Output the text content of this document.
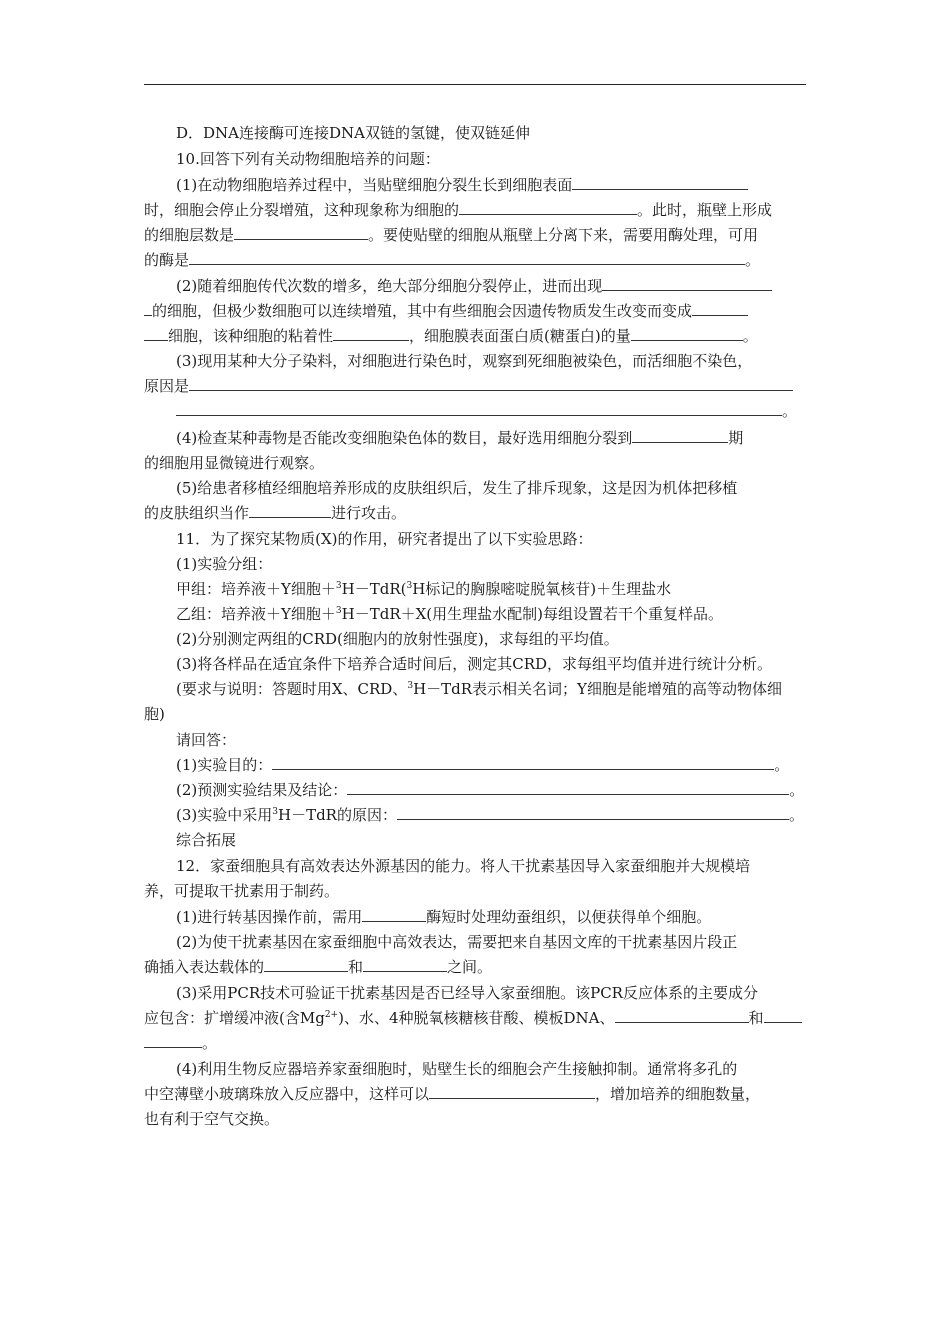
D．DNA连接酶可连接DNA双链的氢键，使双链延伸
10.回答下列有关动物细胞培养的问题：
(1)在动物细胞培养过程中，当贴壁细胞分裂生长到细胞表面
时，细胞会停止分裂增殖，这种现象称为细胞的	。此时，瓶壁上形成
的细胞层数是	。要使贴壁的细胞从瓶壁上分离下来，需要用酶处理，可用
的酶是	。
(2)随着细胞传代次数的增多，绝大部分细胞分裂停止，进而出现
的细胞，但极少数细胞可以连续增殖，其中有些细胞会因遗传物质发生改变而变成
细胞，该种细胞的粘着性	，细胞膜表面蛋白质(糖蛋白)的量	。
(3)现用某种大分子染料，对细胞进行染色时，观察到死细胞被染色，而活细胞不染色，
原因是
。
(4)检查某种毒物是否能改变细胞染色体的数目，最好选用细胞分裂到	期
的细胞用显微镜进行观察。
(5)给患者移植经细胞培养形成的皮肤组织后，发生了排斥现象，这是因为机体把移植
的皮肤组织当作	进行攻击。
11．为了探究某物质(X)的作用，研究者提出了以下实验思路：
(1)实验分组：
甲组：培养液＋Y细胞＋$^3$H－TdR($^3$H标记的胸腺嘧啶脱氧核苷)＋生理盐水
乙组：培养液＋Y细胞＋$^3$H－TdR＋X(用生理盐水配制)每组设置若干个重复样品。
(2)分别测定两组的CRD(细胞内的放射性强度)，求每组的平均值。
(3)将各样品在适宜条件下培养合适时间后，测定其CRD，求每组平均值并进行统计分析。
(要求与说明：答题时用X、CRD、$^3$H－TdR表示相关名词；Y细胞是能增殖的高等动物体细
胞)
请回答：
(1)实验目的：	。
(2)预测实验结果及结论：	。
(3)实验中采用$^3$H－TdR的原因：	。
综合拓展
12．家蚕细胞具有高效表达外源基因的能力。将人干扰素基因导入家蚕细胞并大规模培
养，可提取干扰素用于制药。
(1)进行转基因操作前，需用	酶短时处理幼蚕组织，以便获得单个细胞。
(2)为使干扰素基因在家蚕细胞中高效表达，需要把来自基因文库的干扰素基因片段正
确插入表达载体的	和	之间。
(3)采用PCR技术可验证干扰素基因是否已经导入家蚕细胞。该PCR反应体系的主要成分
应包含：扩增缓冲液(含$Mg^{2+}$)、水、4种脱氧核糖核苷酸、模板DNA、	和
。
(4)利用生物反应器培养家蚕细胞时，贴壁生长的细胞会产生接触抑制。通常将多孔的
中空薄壁小玻璃珠放入反应器中，这样可以	，增加培养的细胞数量，
也有利于空气交换。
